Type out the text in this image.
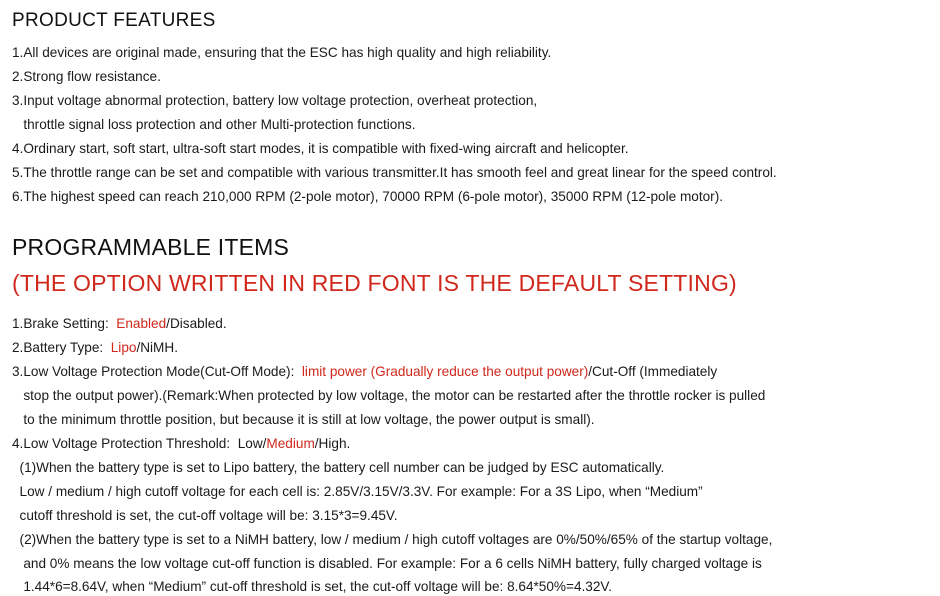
PRODUCT FEATURES

1.All devices are original made, ensuring that the ESC has high quality and high reliability.

2.Strong flow resistance.

3.Input voltage abnormal protection, battery low voltage protection, overheat protection,

throttle signal loss protection and other Multi-protection functions.

4.Ordinary start, soft start, ultra-soft start modes, it is compatible with fixed-wing aircraft and helicopter.

5.The throttle range can be set and compatible with various transmitter.It has smooth feel and great linear for the speed control.

6.The highest speed can reach 210,000 RPM (2-pole motor), 70000 RPM (6-pole motor), 35000 RPM (12-pole motor).

PROGRAMMABLE ITEMS
(THE OPTION WRITTEN IN RED FONT IS THE DEFAULT SETTING)

1.Brake Setting:  Enabled/Disabled.

2.Battery Type:  Lipo/NiMH.

3.Low Voltage Protection Mode(Cut-Off Mode):  limit power (Gradually reduce the output power)/Cut-Off (Immediately

stop the output power).(Remark:When protected by low voltage, the motor can be restarted after the throttle rocker is pulled

to the minimum throttle position, but because it is still at low voltage, the power output is small).

4.Low Voltage Protection Threshold:  Low/Medium/High.

(1)When the battery type is set to Lipo battery, the battery cell number can be judged by ESC automatically.

Low / medium / high cutoff voltage for each cell is: 2.85V/3.15V/3.3V. For example: For a 3S Lipo, when “Medium”

cutoff threshold is set, the cut-off voltage will be: 3.15*3=9.45V.

(2)When the battery type is set to a NiMH battery, low / medium / high cutoff voltages are 0%/50%/65% of the startup voltage,

and 0% means the low voltage cut-off function is disabled. For example: For a 6 cells NiMH battery, fully charged voltage is

1.44*6=8.64V, when “Medium” cut-off threshold is set, the cut-off voltage will be: 8.64*50%=4.32V.
